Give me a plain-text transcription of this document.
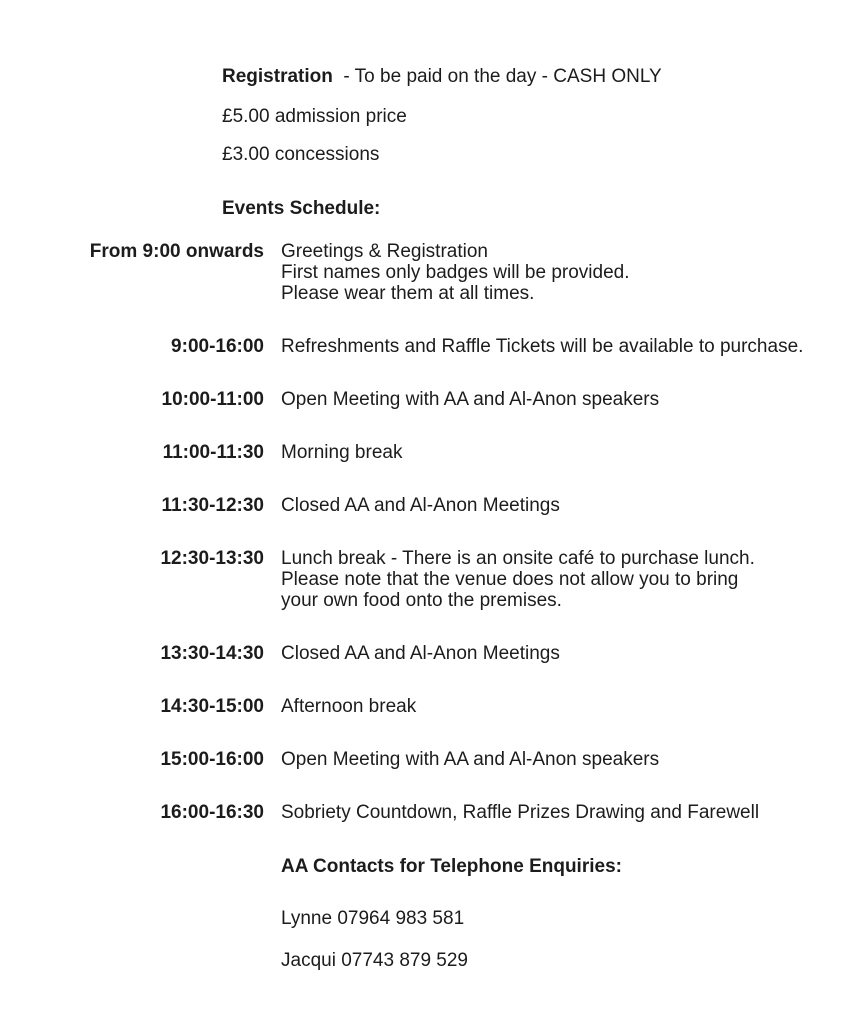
Registration  - To be paid on the day - CASH ONLY
£5.00 admission price
£3.00 concessions
Events Schedule:
From 9:00 onwards Greetings & Registration
First names only badges will be provided.
Please wear them at all times.
9:00-16:00 Refreshments and Raffle Tickets will be available to purchase.
10:00-11:00 Open Meeting with AA and Al-Anon speakers
11:00-11:30 Morning break
11:30-12:30 Closed AA and Al-Anon Meetings
12:30-13:30 Lunch break - There is an onsite café to purchase lunch.
Please note that the venue does not allow you to bring
your own food onto the premises.
13:30-14:30 Closed AA and Al-Anon Meetings
14:30-15:00 Afternoon break
15:00-16:00 Open Meeting with AA and Al-Anon speakers
16:00-16:30 Sobriety Countdown, Raffle Prizes Drawing and Farewell
AA Contacts for Telephone Enquiries:
Lynne 07964 983 581
Jacqui 07743 879 529
